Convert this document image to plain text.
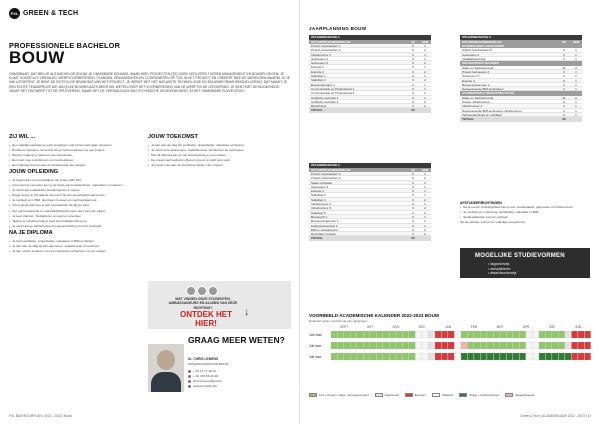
PXL GREEN & TECH
PROFESSIONELE BACHELOR
BOUW
ONMISBAAR, DAT BEN JE ALS BACHELOR BOUW! JE ONMISBARE SCHAKEL WAAR HEEL PROJECTEN (TE) GOED VERLOPEN TUSSEN MANAGEMENT EN BOUWPLOEGEN. JE KLIMT HOGER ALS VERTALEN, WERFVOORBEREIDEN, PLANNEN, ORGANISEREN EN COÖRDINEREN OP TIJD IN HET PROJECT EN CREËERT MEE DE WERELDEN WAARIN JIJ JE VAK UITOEFENT. JE BENT DE ROTS IN DE BRANDING VAN HET PROJECT. JE WERKT MET HET NIEUWSTE TECHNOLOGIE EN BOUWINFORMATIEMODELLERING. DAT MAAKT JE EEN ECHTE TEAMSPELER DIE VAN ELKE BOUWPLAATS MEER WIL WETEN OVER HET VOORBEREIDEN VAN DE WERF EN DE UITVOERING. JE BENT MET DE BOUW BEZIG VANAF HET ONTWERP TOT DE OPLEVERING, MAAR MET DE VERTAALSLAG VAN TECHNISCHE GEGEVENS BENT JIJ HET ONMISBARE PUZZELSTUK!
ZIJ WIL ...
• Een zakelijk werkstap en echt ervaringen ook op het werf gaan uitvoeren.
• Probleem oplossen, de kennis die je hebt toepassen op een project.
• Werken volgens je ideeën in een bouwteam.
• Een werf mee coördineren en mee beslissen.
• Een bijdrage leveren aan de bouwwereld van morgen.
JOUW OPLEIDING
• Je begint aan een bouwtraject van 3 jaar (180 SP).
• In het eerste semester leer je de basis van bouwtechniek, materialen en tekenen.
• Je werkt aan realistische bouwprojecten in teams.
• Stage vind je in het laatste semester bij een bouwbedrijf naar keuze.
• Je verdiept je in BIM, duurzaam bouwen en werfmanagement.
• In het derde jaar kies je een specialisatie die bij jou past.
• Het vak bouwkunde en vak bedrijfskunde lopen door het hele traject.
• Je leert plannen, budgetteren en werven opvolgen.
• Tijdens je opleiding krijg je heel wat praktijkervaring op.
• Je werkt aan je bachelorproef in samenwerking met het werkveld.
NA JE DIPLOMA
• Je bent werfleider, projectleider, calculator of BIM-modelleur.
• Je kan aan de slag bij een aannemer, studiebureau of overheid.
• Je kan verder studeren met een bachelor-na-bachelor of een master.
JOUW TOEKOMST
• Je kan aan de slag als werfleider, projectleider, calculator of planner.
• Je werkt voor aannemers, studiebureaus, architecten en overheden.
• Met dit diploma kan je ook doorstuderen in een master.
• De vraag naar bachelors Bouw is groot: je vindt snel werk.
• Je bouwt mee aan de duurzame steden van morgen.
WAT VINDEN ONZE STUDENTEN, AMBASSADEURS EN ALUMNI VAN DEZE RICHTING?
ONTDEK HET HIER!
↓
GRAAG MEER WETEN?
Dr. CHRIS LEMENS
OPLEIDINGSHOOFD BOUW
+ 32 11 77 48 21
+ 32 476 56 40 20
chris.lemens@pxl.be
www.pxl.be/bouw
PXL BACHELORPLAN | 2022 - 2023 | Bouw
JAARPLANNING BOUW
OPLEIDINGSFASE 1
OPLEIDINGSONDERDELEN	SP	SEM
Project bouwwerken 1	6	1
Project bouwwerken 2	6	2
Infrastructuur 1	3	1
Gebouwen 1	3	1
Gebouwen 2	3	2
Energie 1	3	1
Energie 2	3	2
Stabiliteit 1	3	1
Stabiliteit 2	3	2
Bouwmaterialen 1	3	1
Communicatie en Professional 1	3	1
Communicatie en Professional 2	3	2
Grafische techniek 1	3	1
Grafische techniek 2	3	2
Bouwfysica	3	2
TOTAAL	60
OPLEIDINGSFASE 2
OPLEIDINGSONDERDELEN	SP	SEM
Project bouwwerken 3	6	1
Project bouwwerken 4	6	2
Stage oriëntatie	3	2
Gebouwen 3	3	1
Energie 3	3	1
Stabiliteit 3	3	1
Stabiliteit 4	3	2
Infrastructuur 2	3	1
Infrastructuur 3	3	2
Stabiliteit 5	3	2
Bouwrecht 1	3	1
Bouwmanagement 1	3	2
Kostenbeheersing 1	3	1
BIM en digitalisering	3	2
Duurzaam bouwen	3	2
TOTAAL	60
OPLEIDINGSFASE 3
OPLEIDINGSONDERDELEN	SP	SEM
STUDIEPAKKET GEBOUWEN
Project bouwwerken 5	9	1
Gebouwen 4	3	1
Installatietechniek	3	1
KEUZEPAKKET BOUWEN
Stage en bachelorproef	21	2
Project Gebouwen 4	6	1
Gebouwen 5	3	1
Energie 4	3	1
Bouwmanagement 2	3	1
Geavanceerde BIM-technieken	3	1
STUDIEPAKKET INFRASTRUCTUUR
Stage en bachelorproef	21	2
Project infrastructuur	6	1
Infrastructuur 4	3	1
Geavanceerde BIM-technieken infrastructuur	3	1
Verkeerstechniek en mobiliteit	3	1
TOTAAL	60
AFSTUDEERRICHTINGEN
• Na je eerste opleidingsfase kies je een studiepakket: gebouwen of infrastructuur.
• Je verdiept je in planning, werfleiding, calculatie of BIM.
• Studiepakketten kunnen wijzigen.
Op de website vind je het volledige programma.
MOGELIJKE STUDIEVORMEN
• dagonderwijs
• werkplekleren
• afstandsonderwijs
VOORBEELD ACADEMISCHE KALENDER 2022-2023 BOUW
Exclusief onder voorbehoud van wijzigingen
SEPT	OKT	NOV	DEC	JAN	FEB	MRT	APR	MEI	JUN
1ste fase
2de fase
3de fase
Les + Project, stage, semesterproject	Toetsweek	Examen	Vakantie	Stage + bachelorproef	Integratieweek
Green & Tech | ACADEMIEJAAR 2022 - 2023 | 47
